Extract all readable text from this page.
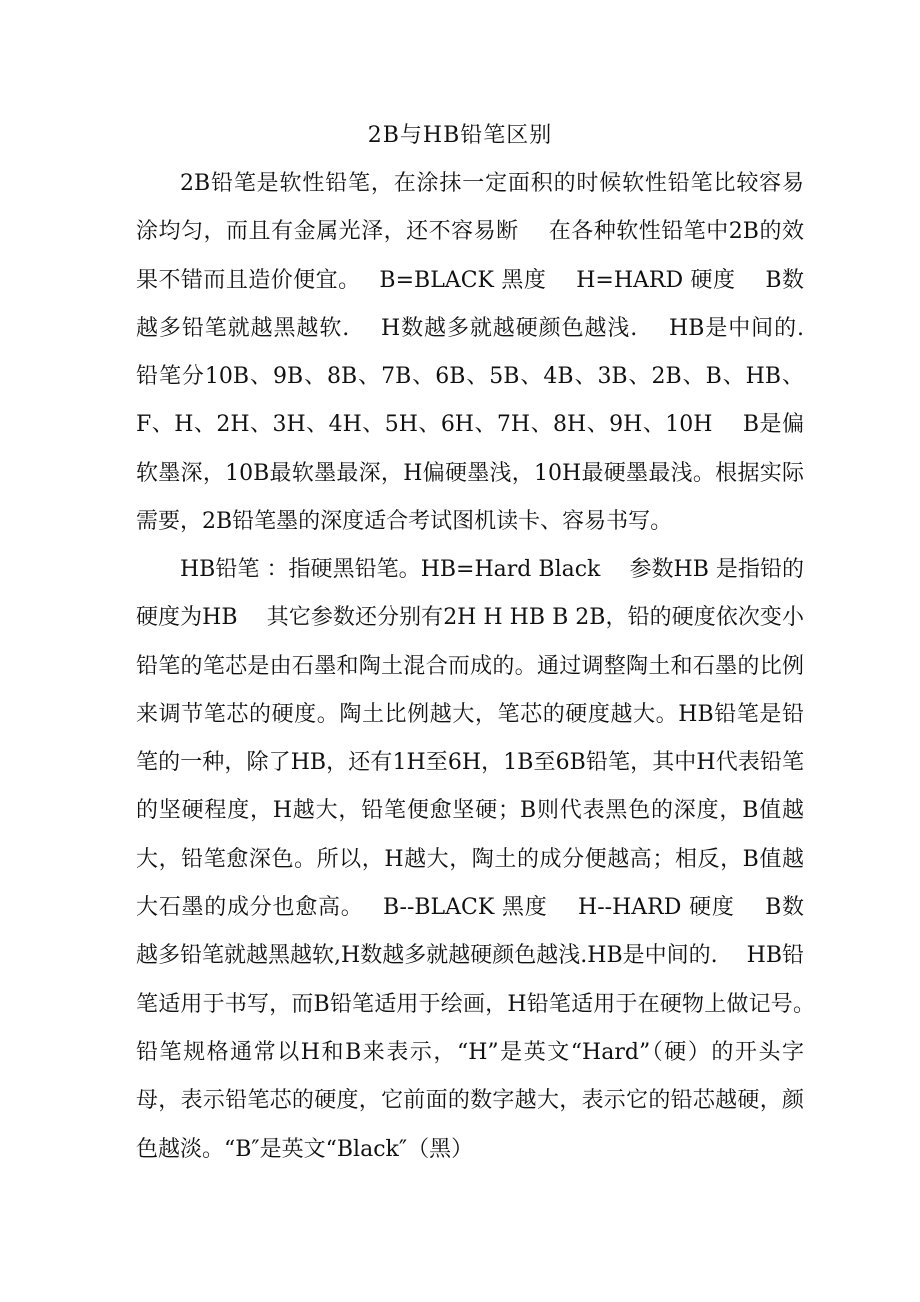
2B与HB铅笔区别

2B铅笔是软性铅笔，在涂抹一定面积的时候软性铅笔比较容易涂均匀，而且有金属光泽，还不容易断　 在各种软性铅笔中2B的效果不错而且造价便宜。　 B=BLACK 黑度　 H=HARD 硬度　 B数越多铅笔就越黑越软.　 H数越多就越硬颜色越浅.　 HB是中间的.　 铅笔分10B、9B、8B、7B、6B、5B、4B、3B、2B、B、HB、F、H、2H、3H、4H、5H、6H、7H、8H、9H、10H　 B是偏软墨深，10B最软墨最深，H偏硬墨浅，10H最硬墨最浅。根据实际需要，2B铅笔墨的深度适合考试图机读卡、容易书写。

HB铅笔 ：指硬黑铅笔。HB=Hard Black　 参数HB 是指铅的硬度为HB　 其它参数还分别有2H H HB B 2B，铅的硬度依次变小铅笔的笔芯是由石墨和陶土混合而成的。通过调整陶土和石墨的比例来调节笔芯的硬度。陶土比例越大，笔芯的硬度越大。HB铅笔是铅笔的一种，除了HB，还有1H至6H，1B至6B铅笔，其中H代表铅笔的坚硬程度，H越大，铅笔便愈坚硬；B则代表黑色的深度，B值越大，铅笔愈深色。所以，H越大，陶土的成分便越高；相反，B值越大石墨的成分也愈高。　 B--BLACK 黑度　 H--HARD 硬度　 B数越多铅笔就越黑越软,H数越多就越硬颜色越浅.HB是中间的.　 HB铅笔适用于书写，而B铅笔适用于绘画，H铅笔适用于在硬物上做记号。　 铅笔规格通常以H和B来表示，“H”是英文“Hard”（硬）的开头字母，表示铅笔芯的硬度，它前面的数字越大，表示它的铅芯越硬，颜色越淡。“B″是英文“Black″（黑）
